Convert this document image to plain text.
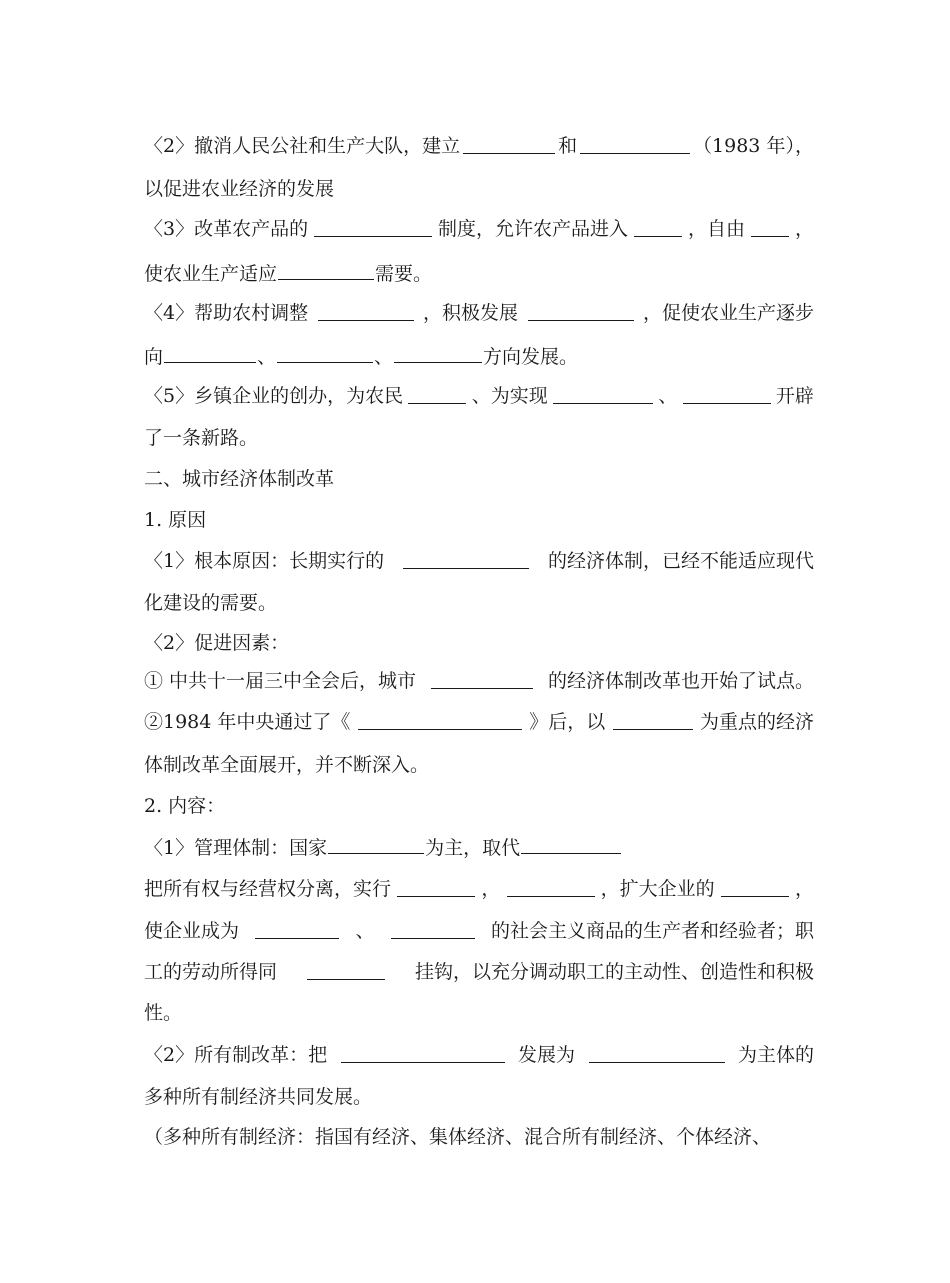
〈2〉撤消人民公社和生产大队，建立	和	（1983 年），
以促进农业经济的发展
〈3〉改革农产品的	制度，允许农产品进入	，自由	，
使农业生产适应	需要。
〈4〉帮助农村调整	，积极发展	，促使农业生产逐步
向	、	、	方向发展。
〈5〉乡镇企业的创办，为农民	、为实现	、	开辟
了一条新路。
二、城市经济体制改革
1. 原因
〈1〉根本原因：长期实行的	的经济体制，已经不能适应现代
化建设的需要。
〈2〉促进因素：
① 中共十一届三中全会后，城市	的经济体制改革也开始了试点。
②1984 年中央通过了《	》后，以	为重点的经济
体制改革全面展开，并不断深入。
2. 内容：
〈1〉管理体制：国家	为主，取代
把所有权与经营权分离，实行	，	，扩大企业的	，
使企业成为	、	的社会主义商品的生产者和经验者；职
工的劳动所得同	挂钩，以充分调动职工的主动性、创造性和积极
性。
〈2〉所有制改革：把	发展为	为主体的
多种所有制经济共同发展。
（多种所有制经济：指国有经济、集体经济、混合所有制经济、个体经济、
